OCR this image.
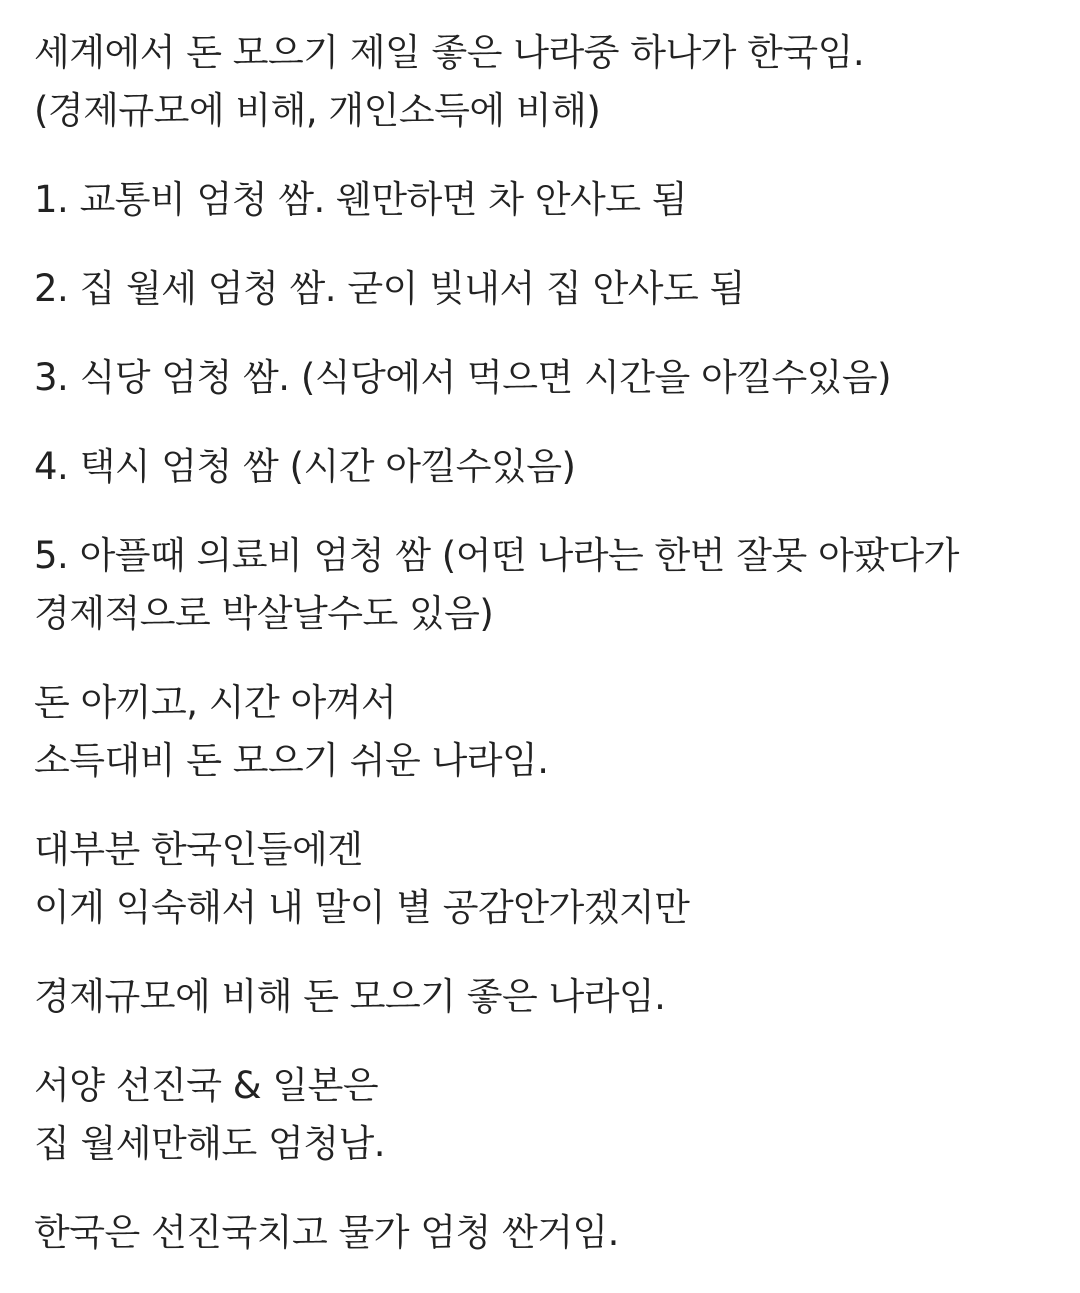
세계에서 돈 모으기 제일 좋은 나라중 하나가 한국임.
(경제규모에 비해, 개인소득에 비해)
1. 교통비 엄청 쌈. 웬만하면 차 안사도 됨
2. 집 월세 엄청 쌈. 굳이 빚내서 집 안사도 됨
3. 식당 엄청 쌈. (식당에서 먹으면 시간을 아낄수있음)
4. 택시 엄청 쌈 (시간 아낄수있음)
5. 아플때 의료비 엄청 쌈 (어떤 나라는 한번 잘못 아팠다가
경제적으로 박살날수도 있음)
돈 아끼고, 시간 아껴서
소득대비 돈 모으기 쉬운 나라임.
대부분 한국인들에겐
이게 익숙해서 내 말이 별 공감안가겠지만
경제규모에 비해 돈 모으기 좋은 나라임.
서양 선진국 & 일본은
집 월세만해도 엄청남.
한국은 선진국치고 물가 엄청 싼거임.
